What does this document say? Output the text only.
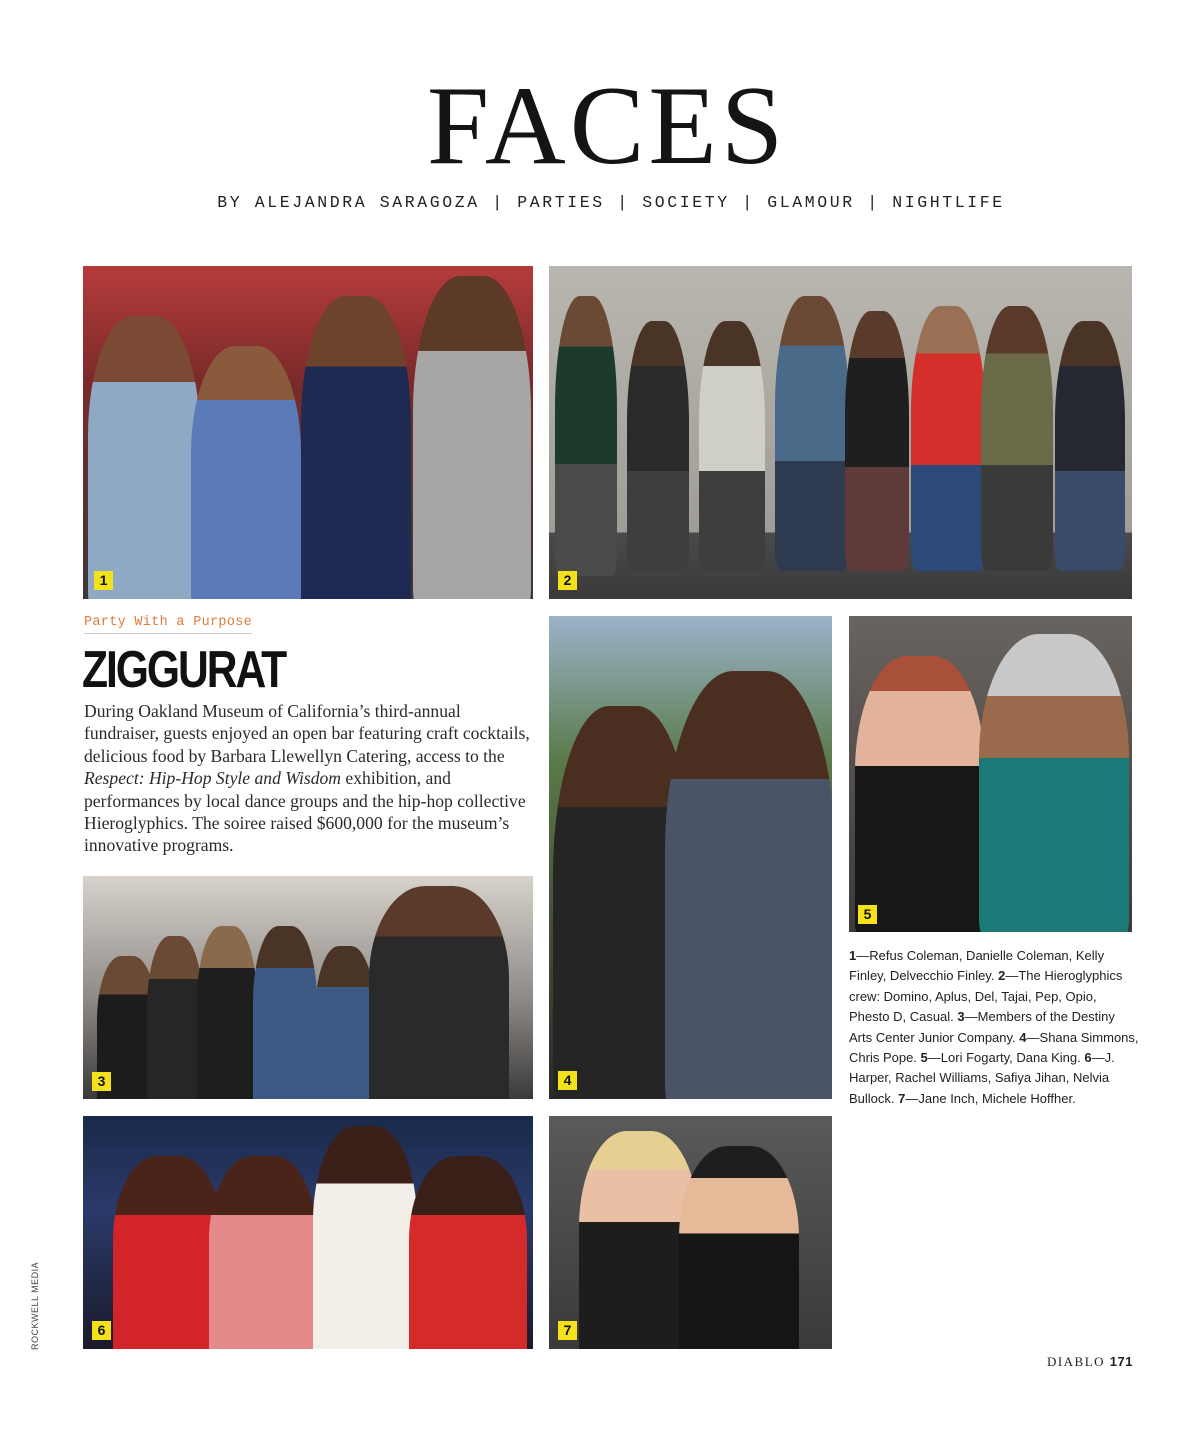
FACES
BY ALEJANDRA SARAGOZA | PARTIES | SOCIETY | GLAMOUR | NIGHTLIFE
1	2
3	4
5
6	7
Party With a Purpose
ZIGGURAT
During Oakland Museum of California’s third-annual fundraiser, guests enjoyed an open bar featuring craft cocktails, delicious food by Barbara Llewellyn Catering, access to the Respect: Hip-Hop Style and Wisdom exhibition, and performances by local dance groups and the hip-hop collective Hieroglyphics. The soiree raised $600,000 for the museum’s innovative programs.
1—Refus Coleman, Danielle Coleman, Kelly Finley, Delvecchio Finley. 2—The Hieroglyphics crew: Domino, Aplus, Del, Tajai, Pep, Opio, Phesto D, Casual. 3—Members of the Destiny Arts Center Junior Company. 4—Shana Simmons, Chris Pope. 5—Lori Fogarty, Dana King. 6—J. Harper, Rachel Williams, Safiya Jihan, Nelvia Bullock. 7—Jane Inch, Michele Hoffher.
ROCKWELL MEDIA
DIABLO 171
